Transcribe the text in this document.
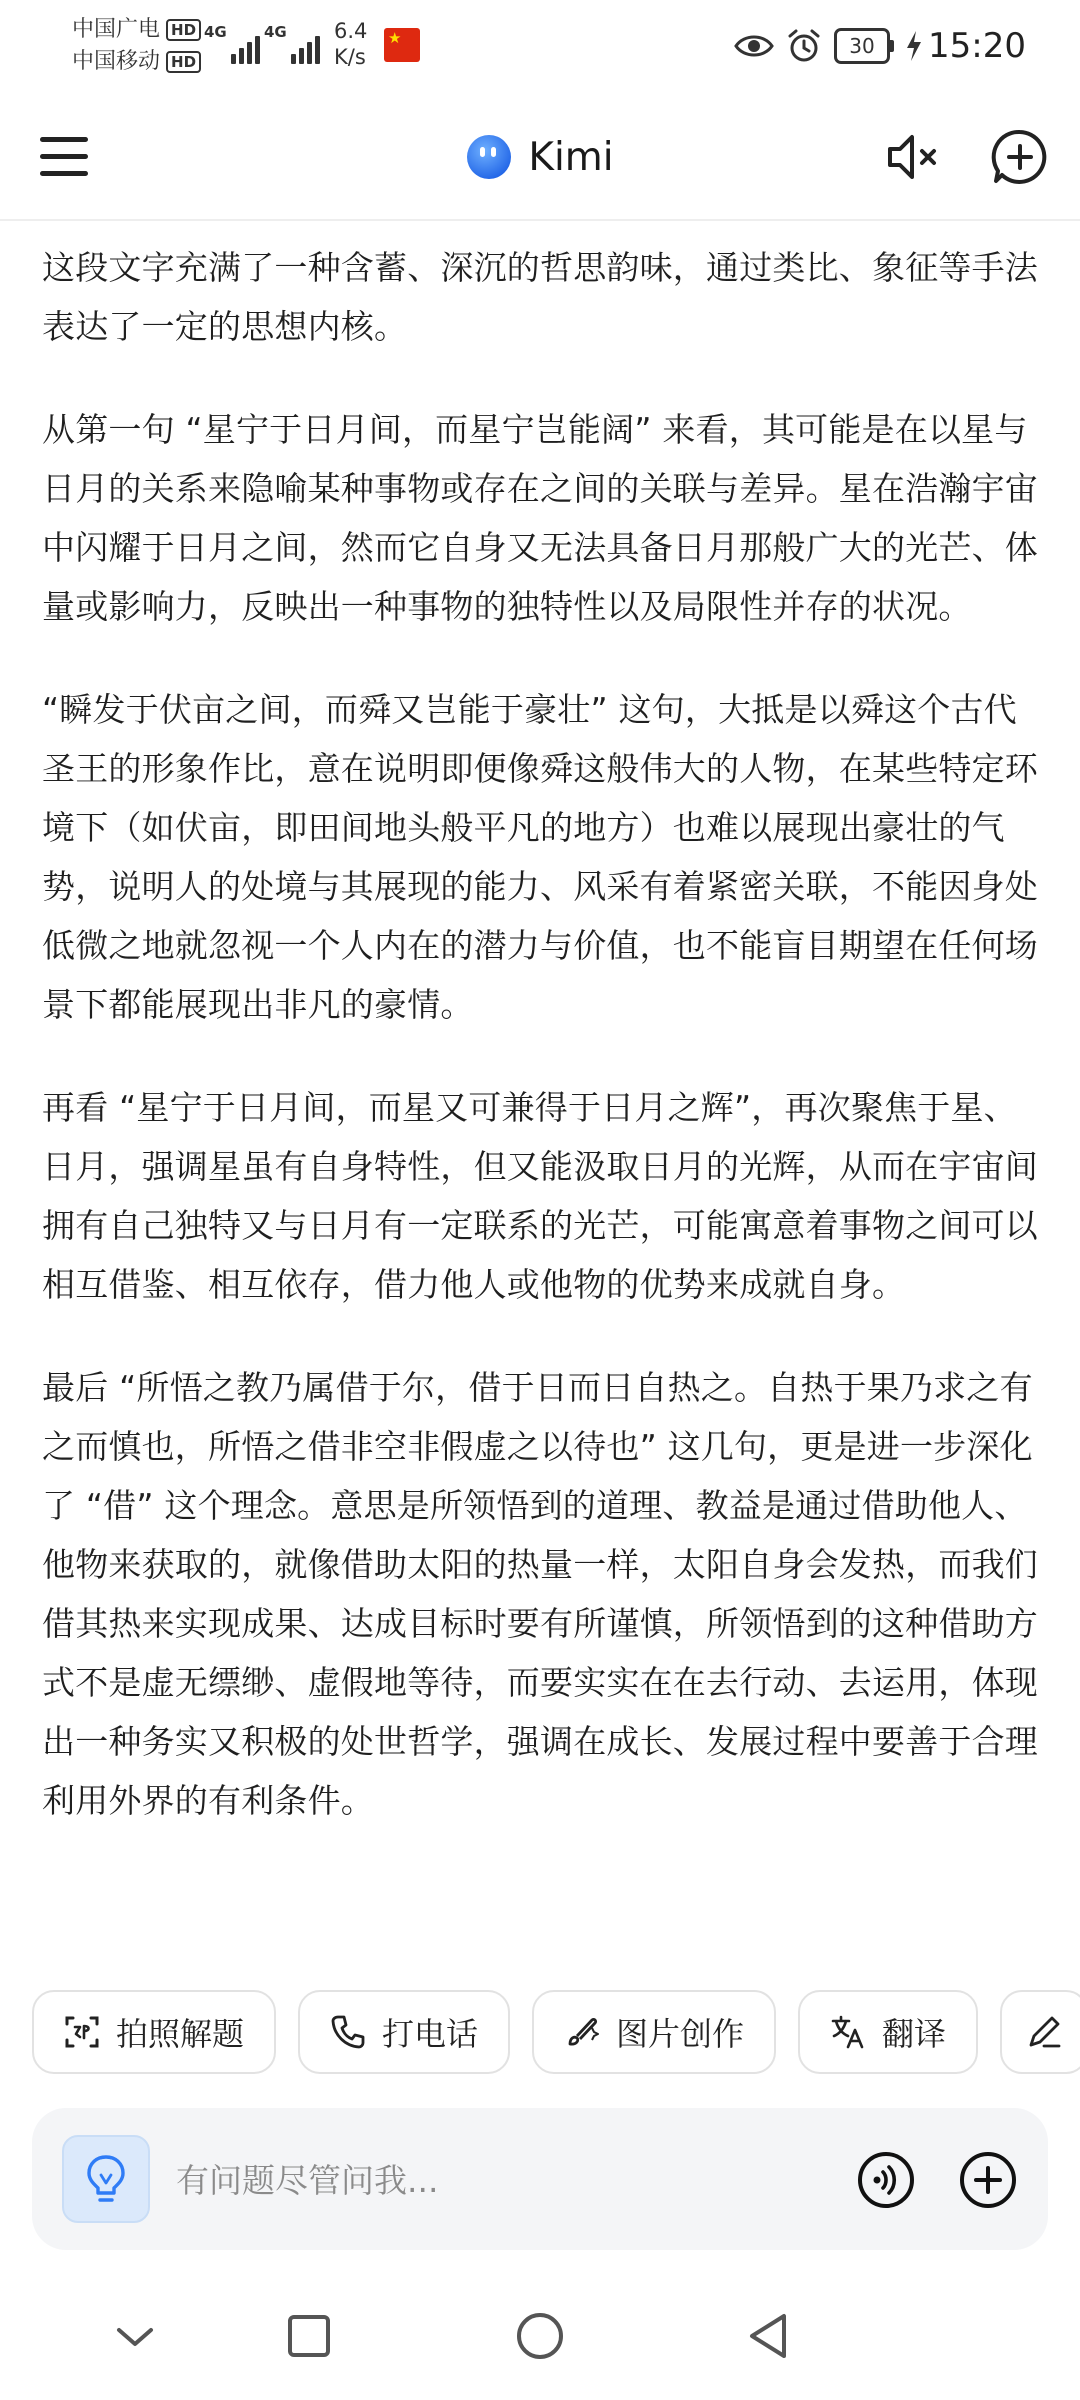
中国广电 HD
中国移动 HD
4G 4G 6.4
K/s
★	30	15:20
Kimi

这段文字充满了一种含蓄、深沉的哲思韵味，通过类比、象征等手法表达了一定的思想内核。

从第一句 “星宁于日月间，而星宁岂能阔” 来看，其可能是在以星与日月的关系来隐喻某种事物或存在之间的关联与差异。星在浩瀚宇宙中闪耀于日月之间，然而它自身又无法具备日月那般广大的光芒、体量或影响力，反映出一种事物的独特性以及局限性并存的状况。

“瞬发于伏亩之间，而舜又岂能于豪壮” 这句，大抵是以舜这个古代圣王的形象作比，意在说明即便像舜这般伟大的人物，在某些特定环境下（如伏亩，即田间地头般平凡的地方）也难以展现出豪壮的气势，说明人的处境与其展现的能力、风采有着紧密关联，不能因身处低微之地就忽视一个人内在的潜力与价值，也不能盲目期望在任何场景下都能展现出非凡的豪情。

再看 “星宁于日月间，而星又可兼得于日月之辉”，再次聚焦于星、日月，强调星虽有自身特性，但又能汲取日月的光辉，从而在宇宙间拥有自己独特又与日月有一定联系的光芒，可能寓意着事物之间可以相互借鉴、相互依存，借力他人或他物的优势来成就自身。

最后 “所悟之教乃属借于尔，借于日而日自热之。自热于果乃求之有之而慎也，所悟之借非空非假虚之以待也” 这几句，更是进一步深化了 “借” 这个理念。意思是所领悟到的道理、教益是通过借助他人、他物来获取的，就像借助太阳的热量一样，太阳自身会发热，而我们借其热来实现成果、达成目标时要有所谨慎，所领悟到的这种借助方式不是虚无缥缈、虚假地等待，而要实实在在去行动、去运用，体现出一种务实又积极的处世哲学，强调在成长、发展过程中要善于合理利用外界的有利条件。

拍照解题	打电话	图片创作	翻译
有问题尽管问我...
